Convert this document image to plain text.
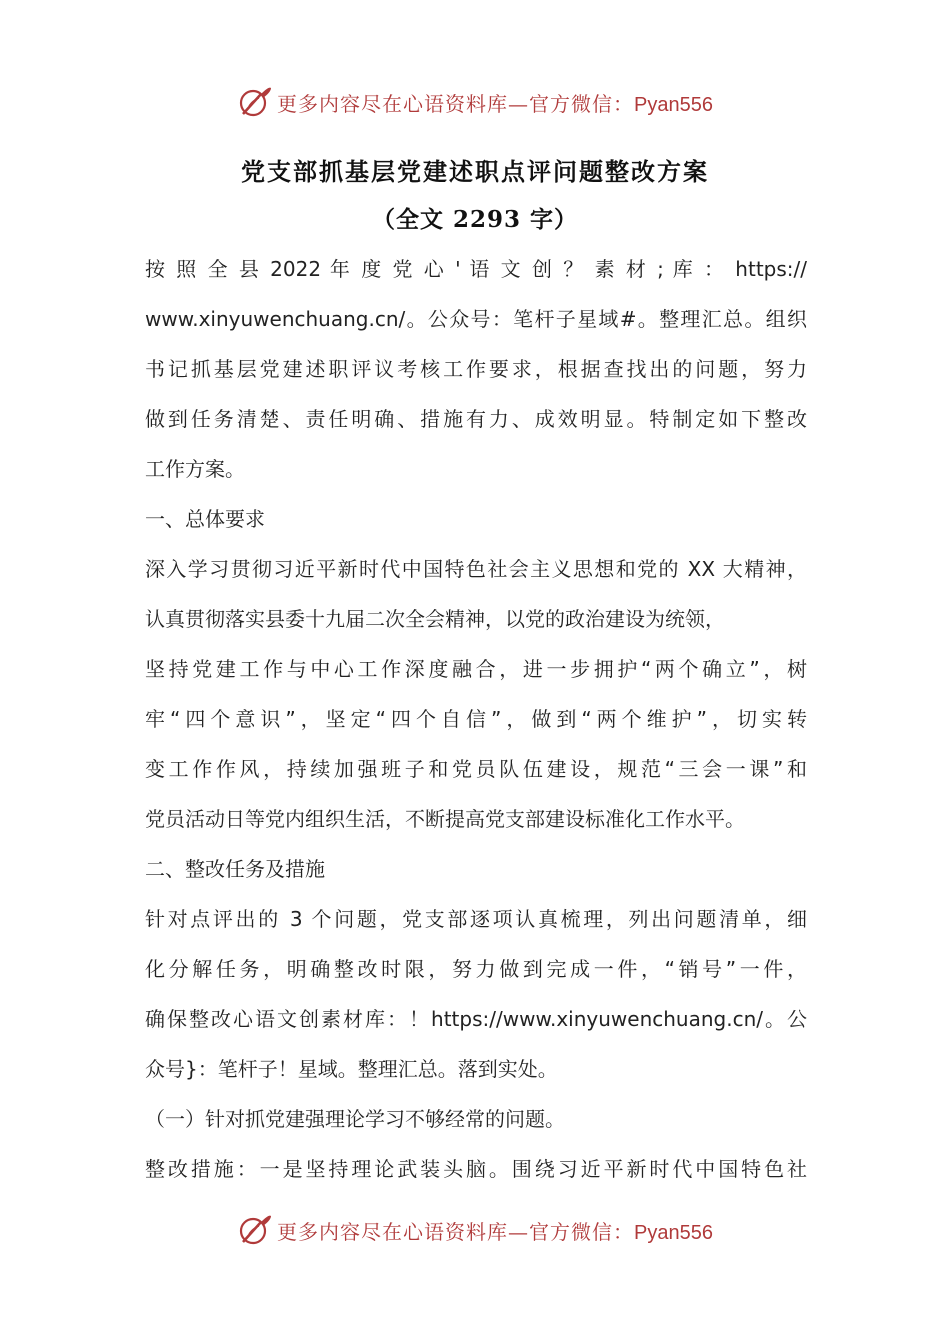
更多内容尽在心语资料库—官方微信：Pyan556
党支部抓基层党建述职点评问题整改方案
（全文 2293 字）
按 照 全 县 2022 年 度 党 心 ' 语 文 创 ？ 素 材 ; 库 ： https://
www.xinyuwenchuang.cn/。公众号：笔杆子星域#。整理汇总。组织
书记抓基层党建述职评议考核工作要求，根据查找出的问题，努力
做到任务清楚、责任明确、措施有力、成效明显。特制定如下整改
工作方案。
一、总体要求
深入学习贯彻习近平新时代中国特色社会主义思想和党的 XX 大精神，
认真贯彻落实县委十九届二次全会精神，以党的政治建设为统领，
坚持党建工作与中心工作深度融合，进一步拥护“两个确立”，树
牢“四个意识”，坚定“四个自信”，做到“两个维护”，切实转
变工作作风，持续加强班子和党员队伍建设，规范“三会一课”和
党员活动日等党内组织生活，不断提高党支部建设标准化工作水平。
二、整改任务及措施
针对点评出的 3 个问题，党支部逐项认真梳理，列出问题清单，细
化分解任务，明确整改时限，努力做到完成一件，“销号”一件，
确保整改心语文创素材库：！https://www.xinyuwenchuang.cn/。公
众号}：笔杆子！星域。整理汇总。落到实处。
（一）针对抓党建强理论学习不够经常的问题。
整改措施：一是坚持理论武装头脑。围绕习近平新时代中国特色社
更多内容尽在心语资料库—官方微信：Pyan556
